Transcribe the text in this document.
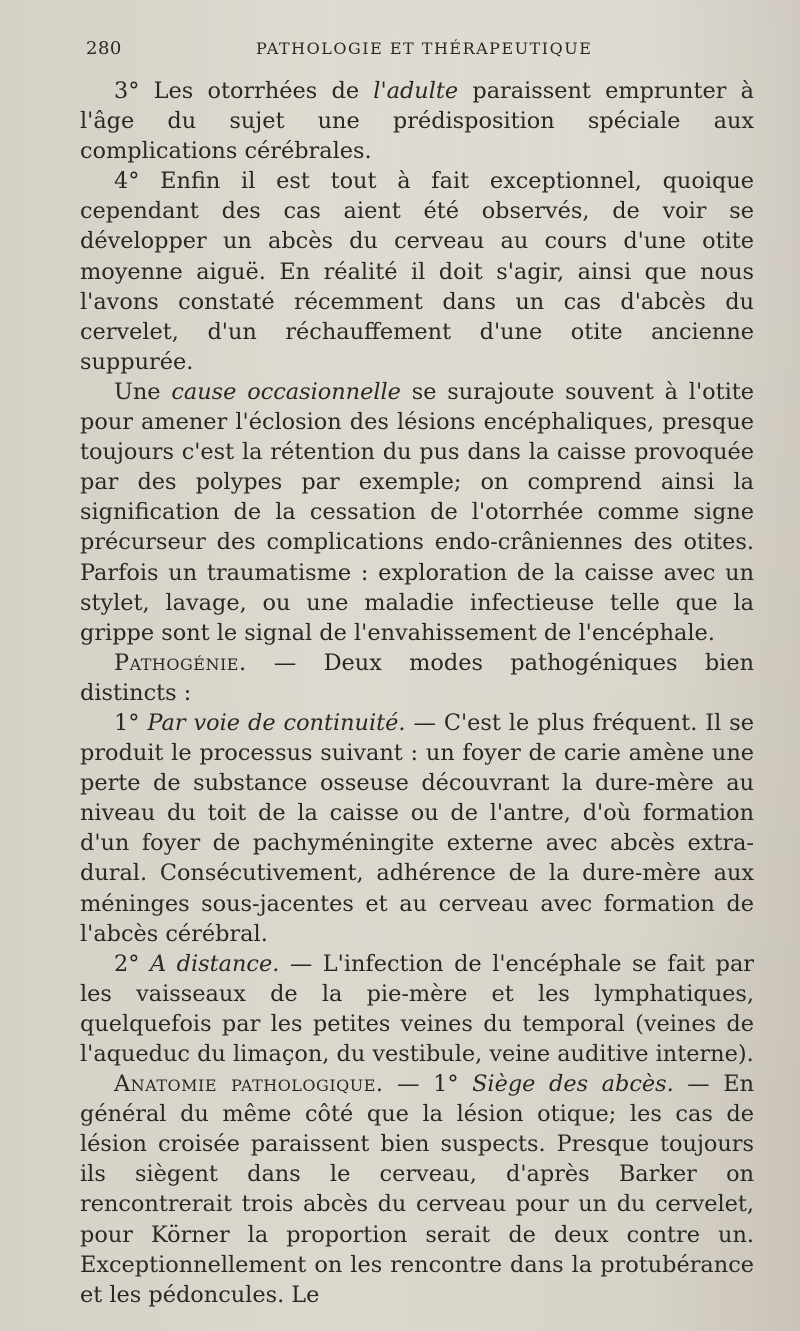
280	PATHOLOGIE ET THÉRAPEUTIQUE

3° Les otorrhées de l'adulte paraissent emprunter à l'âge du sujet une prédisposition spéciale aux complications cérébrales.

4° Enfin il est tout à fait exceptionnel, quoique cependant des cas aient été observés, de voir se développer un abcès du cerveau au cours d'une otite moyenne aiguë. En réalité il doit s'agir, ainsi que nous l'avons constaté récemment dans un cas d'abcès du cervelet, d'un réchauffement d'une otite ancienne suppurée.

Une cause occasionnelle se surajoute souvent à l'otite pour amener l'éclosion des lésions encéphaliques, presque toujours c'est la rétention du pus dans la caisse provoquée par des polypes par exemple; on comprend ainsi la signification de la cessation de l'otorrhée comme signe précurseur des complications endo-crâniennes des otites. Parfois un traumatisme : exploration de la caisse avec un stylet, lavage, ou une maladie infectieuse telle que la grippe sont le signal de l'envahissement de l'encéphale.

Pathogénie. — Deux modes pathogéniques bien distincts :

1° Par voie de continuité. — C'est le plus fréquent. Il se produit le processus suivant : un foyer de carie amène une perte de substance osseuse découvrant la dure-mère au niveau du toit de la caisse ou de l'antre, d'où formation d'un foyer de pachyméningite externe avec abcès extra-dural. Consécutivement, adhérence de la dure-mère aux méninges sous-jacentes et au cerveau avec formation de l'abcès cérébral.

2° A distance. — L'infection de l'encéphale se fait par les vaisseaux de la pie-mère et les lymphatiques, quelquefois par les petites veines du temporal (veines de l'aqueduc du limaçon, du vestibule, veine auditive interne).

Anatomie pathologique. — 1° Siège des abcès. — En général du même côté que la lésion otique; les cas de lésion croisée paraissent bien suspects. Presque toujours ils siègent dans le cerveau, d'après Barker on rencontrerait trois abcès du cerveau pour un du cervelet, pour Körner la proportion serait de deux contre un. Exceptionnellement on les rencontre dans la protubérance et les pédoncules. Le
